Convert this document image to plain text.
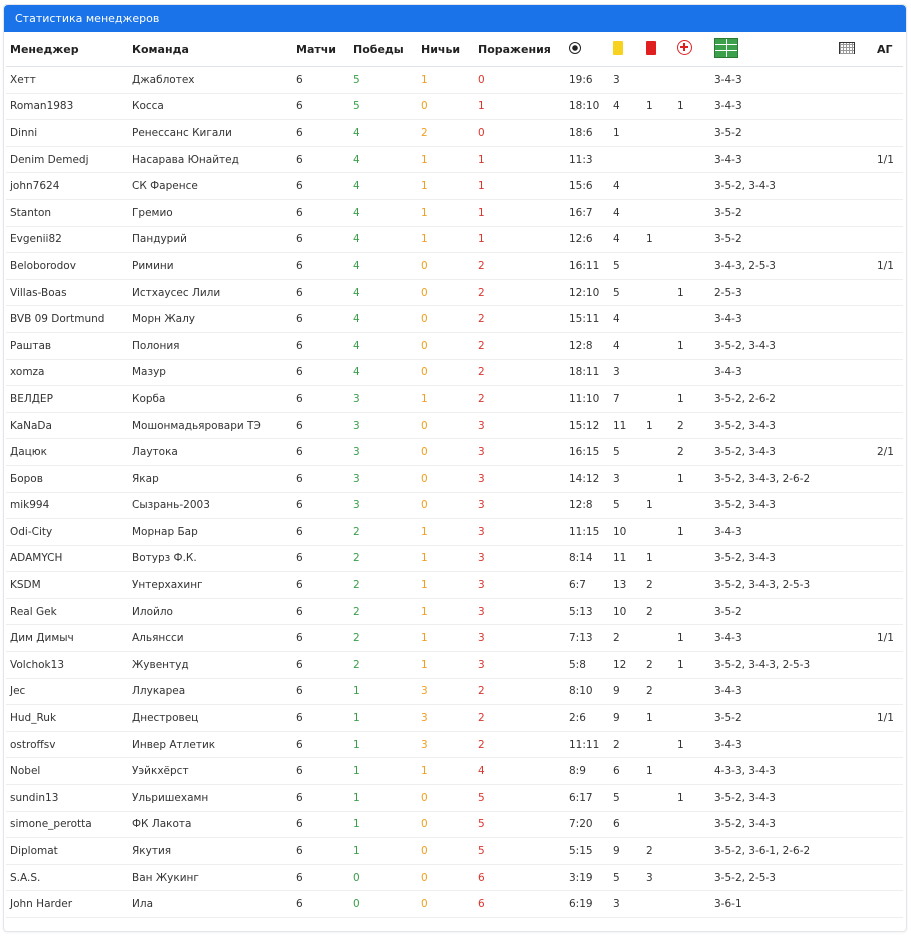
Статистика менеджеров
Менеджер	Команда	Матчи	Победы	Ничьи	Поражения							АГ
Хетт	Джаблотех	6	5	1	0	19:6	3			3-4-3		
Roman1983	Косса	6	5	0	1	18:10	4	1	1	3-4-3		
Dinni	Ренессанс Кигали	6	4	2	0	18:6	1			3-5-2		
Denim Demedj	Насарава Юнайтед	6	4	1	1	11:3				3-4-3		1/1
john7624	СК Фаренсе	6	4	1	1	15:6	4			3-5-2, 3-4-3		
Stanton	Гремио	6	4	1	1	16:7	4			3-5-2		
Evgenii82	Пандурий	6	4	1	1	12:6	4	1		3-5-2		
Beloborodov	Римини	6	4	0	2	16:11	5			3-4-3, 2-5-3		1/1
Villas-Boas	Истхаусес Лили	6	4	0	2	12:10	5		1	2-5-3		
BVB 09 Dortmund	Морн Жалу	6	4	0	2	15:11	4			3-4-3		
Раштав	Полония	6	4	0	2	12:8	4		1	3-5-2, 3-4-3		
xomza	Мазур	6	4	0	2	18:11	3			3-4-3		
ВЕЛДЕР	Корба	6	3	1	2	11:10	7		1	3-5-2, 2-6-2		
KaNaDa	Мошонмадьяровари ТЭ	6	3	0	3	15:12	11	1	2	3-5-2, 3-4-3		
Дацюк	Лаутока	6	3	0	3	16:15	5		2	3-5-2, 3-4-3		2/1
Боров	Якар	6	3	0	3	14:12	3		1	3-5-2, 3-4-3, 2-6-2		
mik994	Сызрань-2003	6	3	0	3	12:8	5	1		3-5-2, 3-4-3		
Odi-City	Морнар Бар	6	2	1	3	11:15	10		1	3-4-3		
ADAMYCH	Вотурз Ф.К.	6	2	1	3	8:14	11	1		3-5-2, 3-4-3		
KSDM	Унтерхахинг	6	2	1	3	6:7	13	2		3-5-2, 3-4-3, 2-5-3		
Real Gek	Илойло	6	2	1	3	5:13	10	2		3-5-2		
Дим Димыч	Альянсси	6	2	1	3	7:13	2		1	3-4-3		1/1
Volchok13	Жувентуд	6	2	1	3	5:8	12	2	1	3-5-2, 3-4-3, 2-5-3		
Jec	Ллукареа	6	1	3	2	8:10	9	2		3-4-3		
Hud_Ruk	Днестровец	6	1	3	2	2:6	9	1		3-5-2		1/1
ostroffsv	Инвер Атлетик	6	1	3	2	11:11	2		1	3-4-3		
Nobel	Уэйкхёрст	6	1	1	4	8:9	6	1		4-3-3, 3-4-3		
sundin13	Ульришехамн	6	1	0	5	6:17	5		1	3-5-2, 3-4-3		
simone_perotta	ФК Лакота	6	1	0	5	7:20	6			3-5-2, 3-4-3		
Diplomat	Якутия	6	1	0	5	5:15	9	2		3-5-2, 3-6-1, 2-6-2		
S.A.S.	Ван Жукинг	6	0	0	6	3:19	5	3		3-5-2, 2-5-3		
John Harder	Ила	6	0	0	6	6:19	3			3-6-1		
